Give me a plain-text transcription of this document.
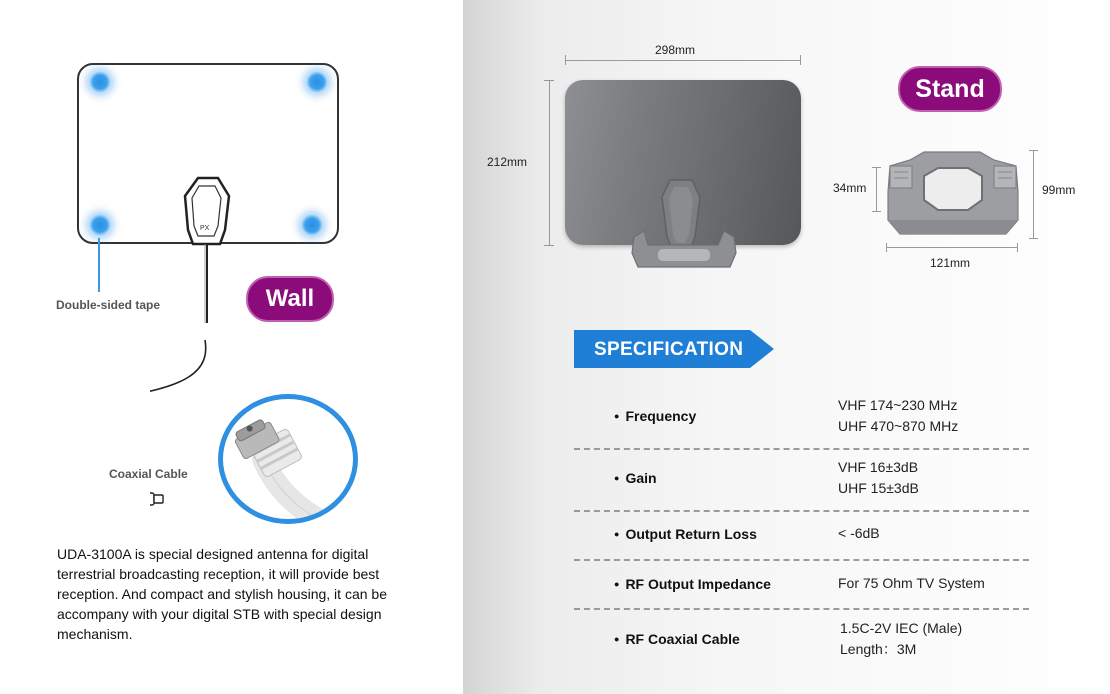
PX
Double-sided tape	Wall
Coaxial Cable
UDA-3100A is special designed antenna for digital terrestrial broadcasting reception, it will provide best reception. And compact and stylish housing, it can be accompany with your digital STB with special design mechanism.
298mm
212mm
Stand
34mm	99mm
121mm
SPECIFICATION
● Frequency
VHF 174~230 MHz
UHF 470~870 MHz
● Gain
VHF 16±3dB
UHF 15±3dB
● Output Return Loss	< -6dB
● RF Output Impedance	For 75 Ohm TV System
● RF Coaxial Cable
1.5C-2V IEC (Male)
Length：3M
